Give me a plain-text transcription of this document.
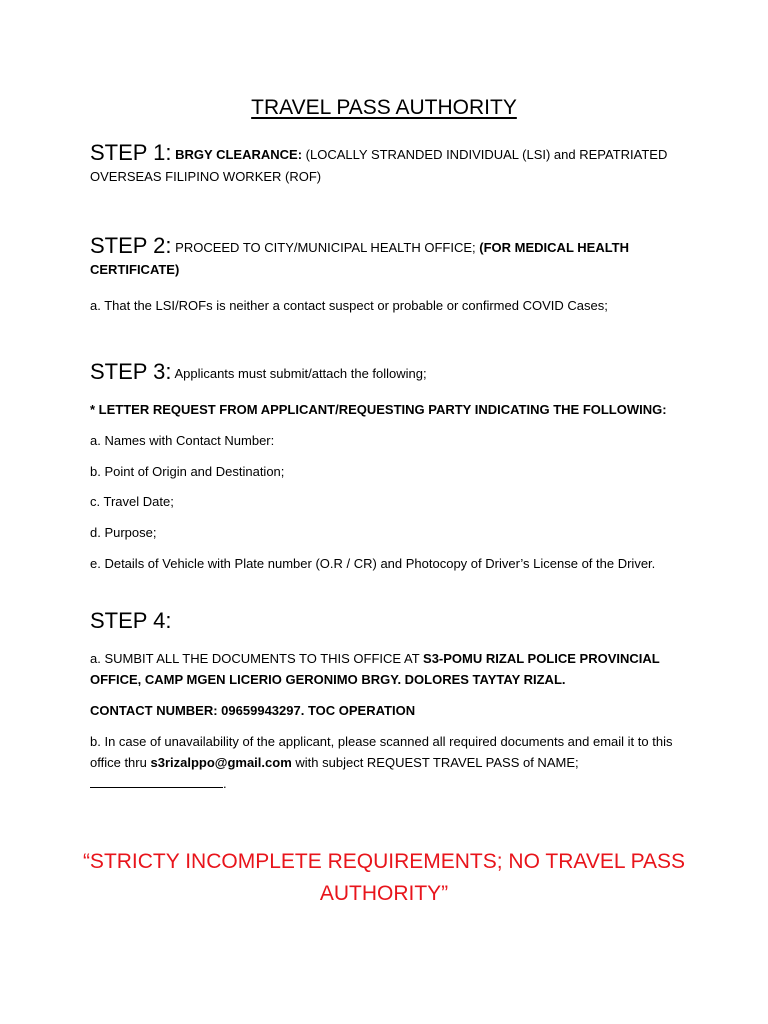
TRAVEL PASS AUTHORITY
STEP 1: BRGY CLEARANCE: (LOCALLY STRANDED INDIVIDUAL (LSI) and REPATRIATED OVERSEAS FILIPINO WORKER (ROF)
STEP 2: PROCEED TO CITY/MUNICIPAL HEALTH OFFICE; (FOR MEDICAL HEALTH CERTIFICATE)
a. That the LSI/ROFs is neither a contact suspect or probable or confirmed COVID Cases;
STEP 3: Applicants must submit/attach the following;
* LETTER REQUEST FROM APPLICANT/REQUESTING PARTY INDICATING THE FOLLOWING:
a. Names with Contact Number:
b. Point of Origin and Destination;
c. Travel Date;
d. Purpose;
e. Details of Vehicle with Plate number (O.R / CR) and Photocopy of Driver’s License of the Driver.
STEP 4:
a. SUMBIT ALL THE DOCUMENTS TO THIS OFFICE AT S3-POMU RIZAL POLICE PROVINCIAL OFFICE, CAMP MGEN LICERIO GERONIMO BRGY. DOLORES TAYTAY RIZAL.
CONTACT NUMBER: 09659943297. TOC OPERATION
b. In case of unavailability of the applicant, please scanned all required documents and email it to this office thru s3rizalppo@gmail.com with subject REQUEST TRAVEL PASS of NAME;
.
“STRICTY INCOMPLETE REQUIREMENTS; NO TRAVEL PASS
AUTHORITY”
